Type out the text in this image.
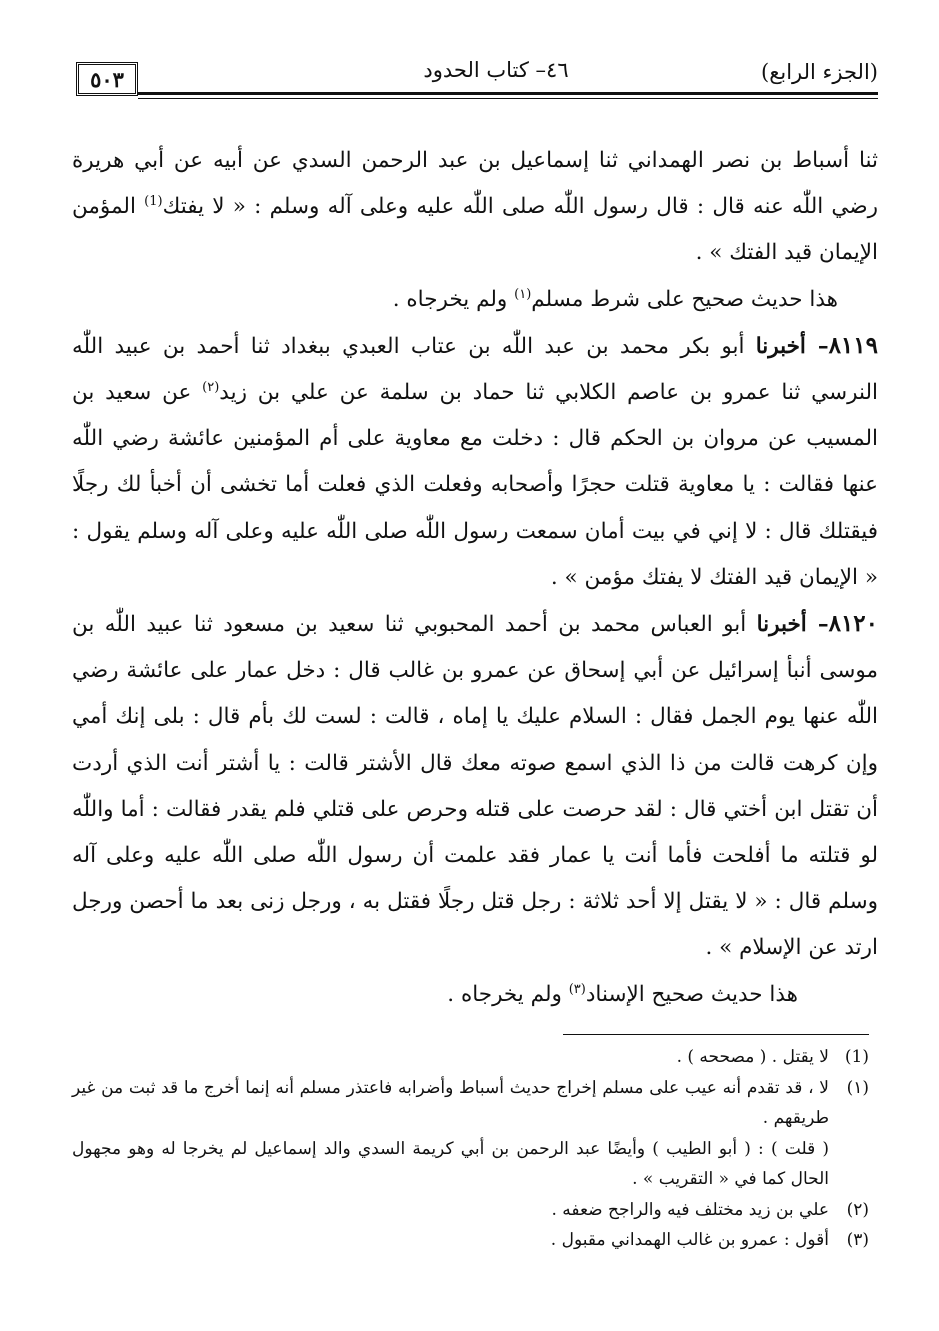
(الجزء الرابع)
٤٦– كتاب الحدود
٥٠٣

ثنا أسباط بن نصر الهمداني ثنا إسماعيل بن عبد الرحمن السدي عن أبيه عن أبي هريرة رضي اللّٰه عنه قال : قال رسول اللّٰه صلى اللّٰه عليه وعلى آله وسلم : « لا يفتك$^{(1)}$ المؤمن الإيمان قيد الفتك » .

هذا حديث صحيح على شرط مسلم$^{(١)}$ ولم يخرجاه .

٨١١٩– أخبرنا أبو بكر محمد بن عبد اللّٰه بن عتاب العبدي ببغداد ثنا أحمد بن عبيد اللّٰه النرسي ثنا عمرو بن عاصم الكلابي ثنا حماد بن سلمة عن علي بن زيد$^{(٢)}$ عن سعيد بن المسيب عن مروان بن الحكم قال : دخلت مع معاوية على أم المؤمنين عائشة رضي اللّٰه عنها فقالت : يا معاوية قتلت حجرًا وأصحابه وفعلت الذي فعلت أما تخشى أن أخبأ لك رجلًا فيقتلك قال : لا إني في بيت أمان سمعت رسول اللّٰه صلى اللّٰه عليه وعلى آله وسلم يقول : « الإيمان قيد الفتك لا يفتك مؤمن » .

٨١٢٠– أخبرنا أبو العباس محمد بن أحمد المحبوبي ثنا سعيد بن مسعود ثنا عبيد اللّٰه بن موسى أنبأ إسرائيل عن أبي إسحاق عن عمرو بن غالب قال : دخل عمار على عائشة رضي اللّٰه عنها يوم الجمل فقال : السلام عليك يا إماه ، قالت : لست لك بأم قال : بلى إنك أمي وإن كرهت قالت من ذا الذي اسمع صوته معك قال الأشتر قالت : يا أشتر أنت الذي أردت أن تقتل ابن أختي قال : لقد حرصت على قتله وحرص على قتلي فلم يقدر فقالت : أما واللّٰه لو قتلته ما أفلحت فأما أنت يا عمار فقد علمت أن رسول اللّٰه صلى اللّٰه عليه وعلى آله وسلم قال : « لا يقتل إلا أحد ثلاثة : رجل قتل رجلًا فقتل به ، ورجل زنى بعد ما أحصن ورجل ارتد عن الإسلام » .

هذا حديث صحيح الإسناد$^{(٣)}$ ولم يخرجاه .

(1)
لا يقتل . ( مصححه ) .
(١)
لا ، قد تقدم أنه عيب على مسلم إخراج حديث أسباط وأضرابه فاعتذر مسلم أنه إنما أخرج ما قد ثبت من غير طريقهم .
( قلت ) : ( أبو الطيب ) وأيضًا عبد الرحمن بن أبي كريمة السدي والد إسماعيل لم يخرجا له وهو مجهول الحال كما في « التقريب » .
(٢)
علي بن زيد مختلف فيه والراجح ضعفه .
(٣)
أقول : عمرو بن غالب الهمداني مقبول .
